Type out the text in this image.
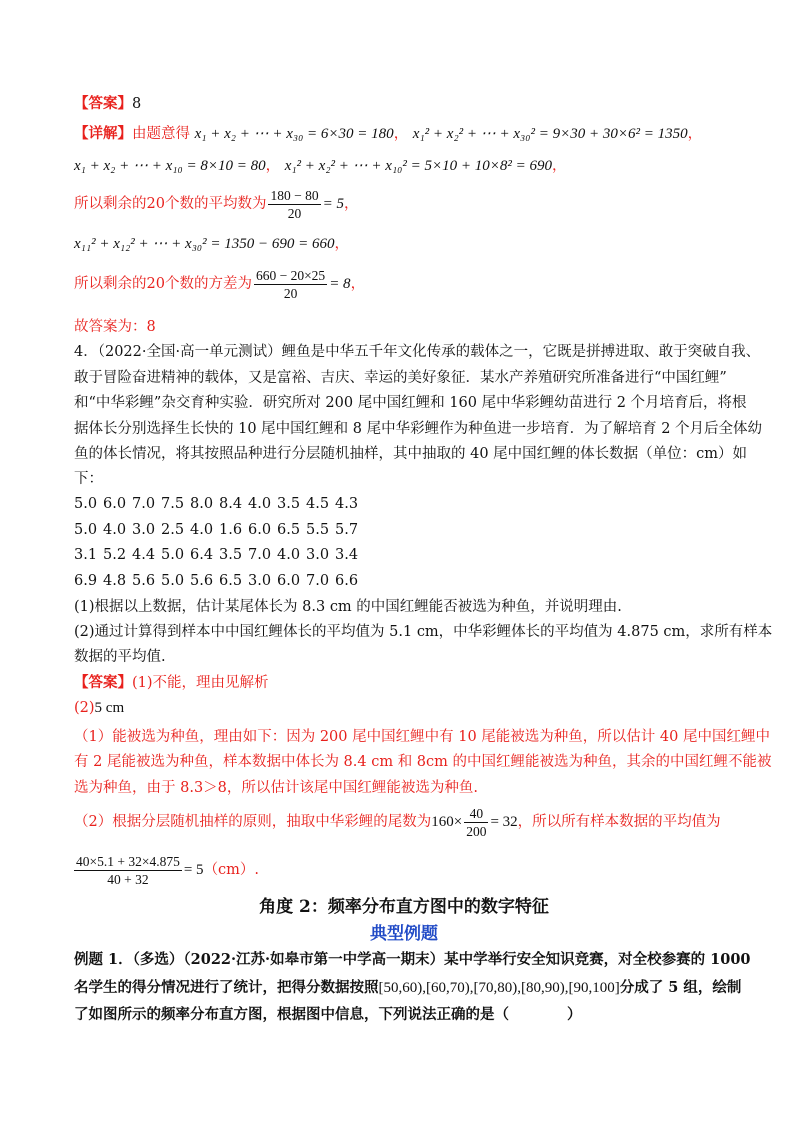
【答案】8
【详解】由题意得 x₁ + x₂ + ⋯ + x₃₀ = 6×30 = 180， x₁² + x₂² + ⋯ + x₃₀² = 9×30 + 30×6² = 1350，
x₁ + x₂ + ⋯ + x₁₀ = 8×10 = 80， x₁² + x₂² + ⋯ + x₁₀² = 5×10 + 10×8² = 690，
所以剩余的20个数的平均数为 $\frac{180 - 80}{20} = 5$，
x₁₁² + x₁₂² + ⋯ + x₃₀² = 1350 − 690 = 660，
所以剩余的20个数的方差为 $\frac{660 - 20\times 25}{20} = 8$，
故答案为：8
4．（2022·全国·高一单元测试）鲤鱼是中华五千年文化传承的载体之一，它既是拼搏进取、敢于突破自我、
敢于冒险奋进精神的载体，又是富裕、吉庆、幸运的美好象征．某水产养殖研究所准备进行“中国红鲤”
和“中华彩鲤”杂交育种实验．研究所对 200 尾中国红鲤和 160 尾中华彩鲤幼苗进行 2 个月培育后，将根
据体长分别选择生长快的 10 尾中国红鲤和 8 尾中华彩鲤作为种鱼进一步培育．为了解培育 2 个月后全体幼
鱼的体长情况，将其按照品种进行分层随机抽样，其中抽取的 40 尾中国红鲤的体长数据（单位：cm）如
下：
5.0 6.0 7.0 7.5 8.0 8.4 4.0 3.5 4.5 4.3
5.0 4.0 3.0 2.5 4.0 1.6 6.0 6.5 5.5 5.7
3.1 5.2 4.4 5.0 6.4 3.5 7.0 4.0 3.0 3.4
6.9 4.8 5.6 5.0 5.6 6.5 3.0 6.0 7.0 6.6
(1)根据以上数据，估计某尾体长为 8.3 cm 的中国红鲤能否被选为种鱼，并说明理由.
(2)通过计算得到样本中中国红鲤体长的平均值为 5.1 cm，中华彩鲤体长的平均值为 4.875 cm，求所有样本
数据的平均值.
【答案】(1)不能，理由见解析
(2)5 cm
（1）能被选为种鱼，理由如下：因为 200 尾中国红鲤中有 10 尾能被选为种鱼，所以估计 40 尾中国红鲤中
有 2 尾能被选为种鱼，样本数据中体长为 8.4 cm 和 8cm 的中国红鲤能被选为种鱼，其余的中国红鲤不能被
选为种鱼，由于 8.3＞8，所以估计该尾中国红鲤能被选为种鱼.
（2）根据分层随机抽样的原则，抽取中华彩鲤的尾数为$160\times \frac{40}{200} = 32$，所以所有样本数据的平均值为
$\frac{40\times 5.1 + 32\times 4.875}{40 + 32} = 5(cm)$.
角度 2：频率分布直方图中的数字特征
典型例题
例题 1．（多选）（2022·江苏·如皋市第一中学高一期末）某中学举行安全知识竞赛，对全校参赛的 1000
名学生的得分情况进行了统计，把得分数据按照[50,60),[60,70),[70,80),[80,90),[90,100]分成了 5 组，绘制
了如图所示的频率分布直方图，根据图中信息，下列说法正确的是（　　　　）
